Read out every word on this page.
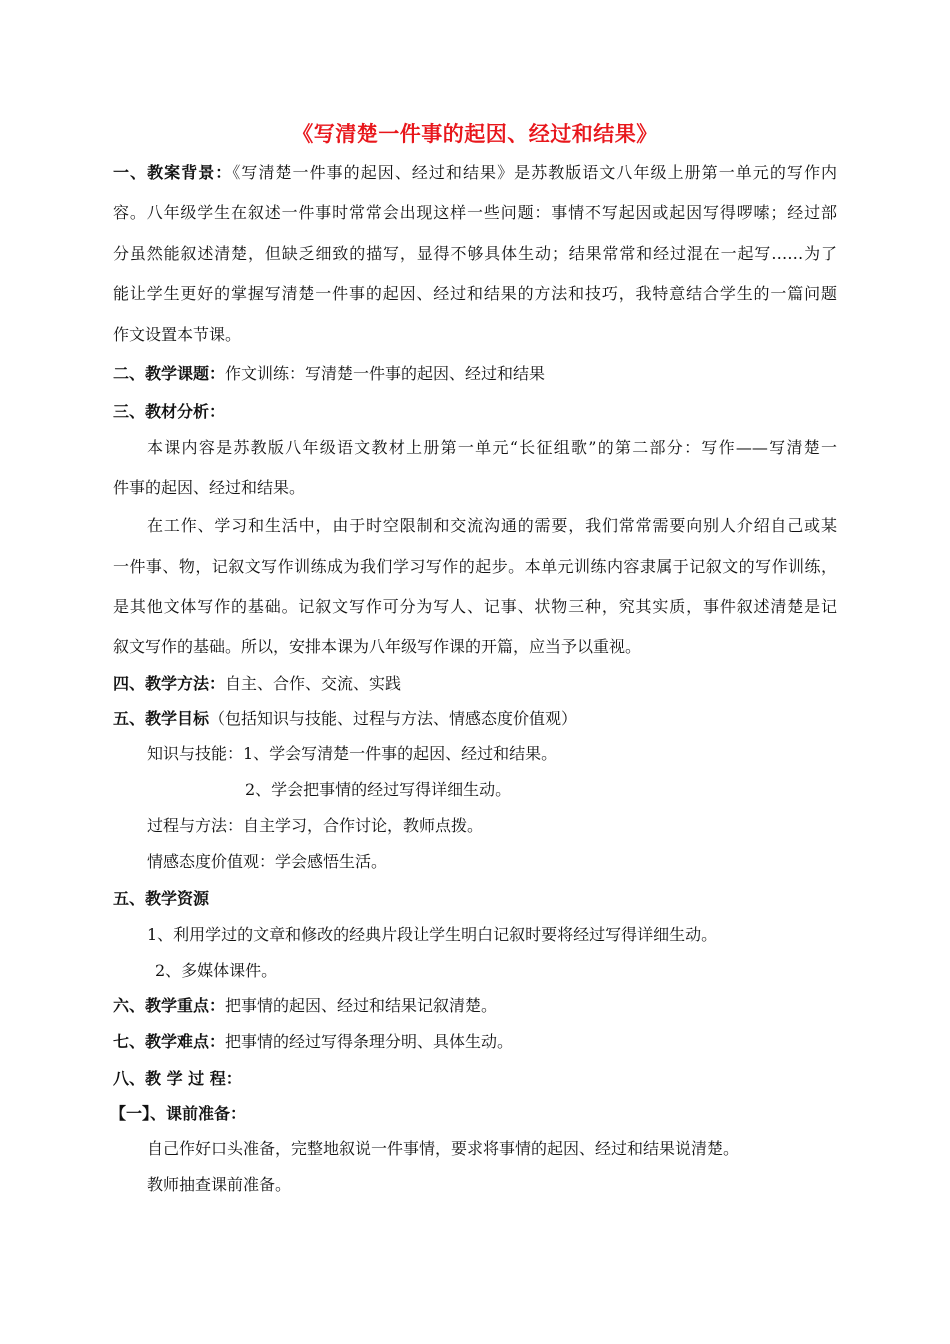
《写清楚一件事的起因、经过和结果》
一、教案背景：《写清楚一件事的起因、经过和结果》是苏教版语文八年级上册第一单元的写作内
容。八年级学生在叙述一件事时常常会出现这样一些问题：事情不写起因或起因写得啰嗦；经过部
分虽然能叙述清楚，但缺乏细致的描写，显得不够具体生动；结果常常和经过混在一起写……为了
能让学生更好的掌握写清楚一件事的起因、经过和结果的方法和技巧，我特意结合学生的一篇问题
作文设置本节课。
二、教学课题：作文训练：写清楚一件事的起因、经过和结果
三、教材分析：
本课内容是苏教版八年级语文教材上册第一单元“长征组歌”的第二部分：写作——写清楚一
件事的起因、经过和结果。
在工作、学习和生活中，由于时空限制和交流沟通的需要，我们常常需要向别人介绍自己或某
一件事、物，记叙文写作训练成为我们学习写作的起步。本单元训练内容隶属于记叙文的写作训练，
是其他文体写作的基础。记叙文写作可分为写人、记事、状物三种，究其实质，事件叙述清楚是记
叙文写作的基础。所以，安排本课为八年级写作课的开篇，应当予以重视。
四、教学方法：自主、合作、交流、实践
五、教学目标（包括知识与技能、过程与方法、情感态度价值观）
知识与技能：1、学会写清楚一件事的起因、经过和结果。
2、学会把事情的经过写得详细生动。
过程与方法：自主学习，合作讨论，教师点拨。
情感态度价值观：学会感悟生活。
五、教学资源
1、利用学过的文章和修改的经典片段让学生明白记叙时要将经过写得详细生动。
2、多媒体课件。
六、教学重点：把事情的起因、经过和结果记叙清楚。
七、教学难点：把事情的经过写得条理分明、具体生动。
八、教 学 过 程：
【一】、课前准备：
自己作好口头准备，完整地叙说一件事情，要求将事情的起因、经过和结果说清楚。
教师抽查课前准备。
